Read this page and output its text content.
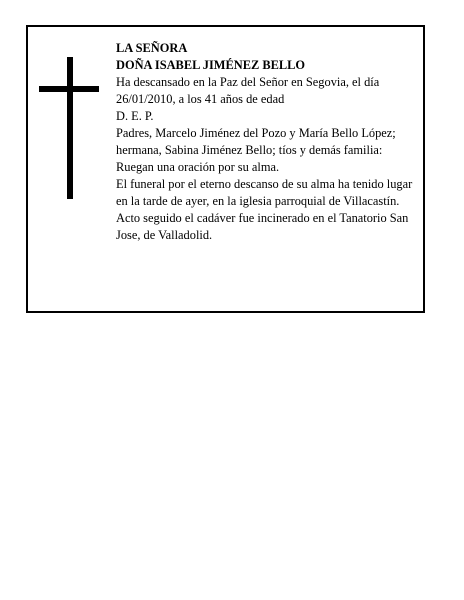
LA SEÑORA

DOÑA ISABEL JIMÉNEZ BELLO

Ha descansado en la Paz del Señor en Segovia, el día 26/01/2010, a los 41 años de edad

D. E. P.

Padres, Marcelo Jiménez del Pozo y María Bello López; hermana, Sabina Jiménez Bello; tíos y demás familia:

Ruegan una oración por su alma.

El funeral por el eterno descanso de su alma ha tenido lugar en la tarde de ayer, en la iglesia parroquial de Villacastín. Acto seguido el cadáver fue incinerado en el Tanatorio San Jose, de Valladolid.
